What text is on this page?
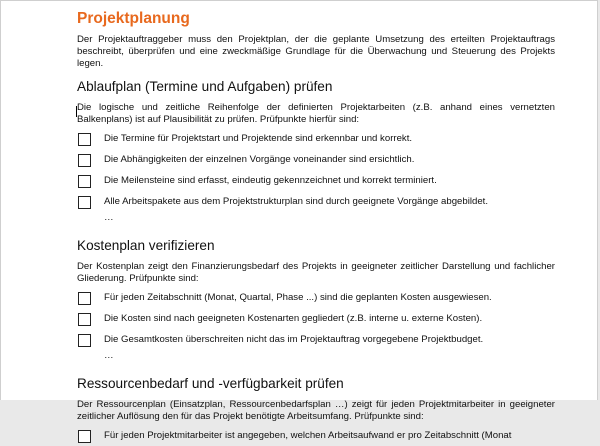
Projektplanung

Der Projektauftraggeber muss den Projektplan, der die geplante Umsetzung des erteilten Projektauftrags beschreibt, überprüfen und eine zweckmäßige Grundlage für die Überwachung und Steuerung des Projekts legen.

Ablaufplan (Termine und Aufgaben) prüfen

Die logische und zeitliche Reihenfolge der definierten Projektarbeiten (z.B. anhand eines vernetzten Balkenplans) ist auf Plausibilität zu prüfen. Prüfpunkte hierfür sind:

Die Termine für Projektstart und Projektende sind erkennbar und korrekt.
Die Abhängigkeiten der einzelnen Vorgänge voneinander sind ersichtlich.
Die Meilensteine sind erfasst, eindeutig gekennzeichnet und korrekt terminiert.
Alle Arbeitspakete aus dem Projektstrukturplan sind durch geeignete Vorgänge abgebildet.
…
Kostenplan verifizieren

Der Kostenplan zeigt den Finanzierungsbedarf des Projekts in geeigneter zeitlicher Darstellung und fachlicher Gliederung. Prüfpunkte sind:

Für jeden Zeitabschnitt (Monat, Quartal, Phase ...) sind die geplanten Kosten ausgewiesen.
Die Kosten sind nach geeigneten Kostenarten gegliedert (z.B. interne u. externe Kosten).
Die Gesamtkosten überschreiten nicht das im Projektauftrag vorgegebene Projektbudget.
…
Ressourcenbedarf und -verfügbarkeit prüfen

Der Ressourcenplan (Einsatzplan, Ressourcenbedarfsplan …) zeigt für jeden Projektmitarbeiter in geeigneter zeitlicher Auflösung den für das Projekt benötigte Arbeitsumfang. Prüfpunkte sind:

Für jeden Projektmitarbeiter ist angegeben, welchen Arbeitsaufwand er pro Zeitabschnitt (Monat
